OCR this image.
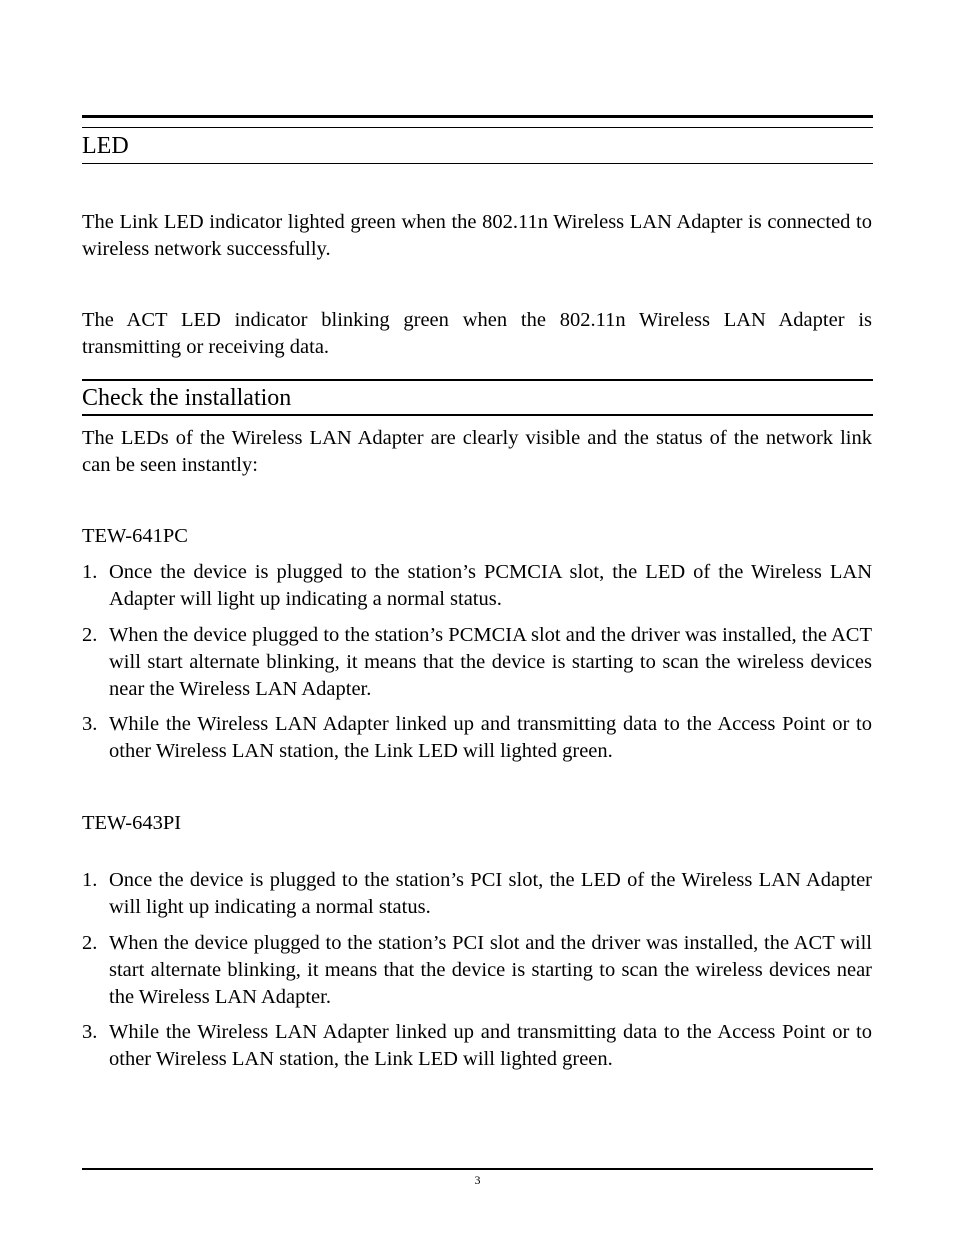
LED
The Link LED indicator lighted green when the 802.11n Wireless LAN Adapter is connected to wireless network successfully.
The ACT LED indicator blinking green when the 802.11n Wireless LAN Adapter is transmitting or receiving data.
Check the installation
The LEDs of the Wireless LAN Adapter are clearly visible and the status of the network link can be seen instantly:
TEW-641PC
1. Once the device is plugged to the station’s PCMCIA slot, the LED of the Wireless LAN Adapter will light up indicating a normal status.
2. When the device plugged to the station’s PCMCIA slot and the driver was installed, the ACT will start alternate blinking, it means that the device is starting to scan the wireless devices near the Wireless LAN Adapter.
3. While the Wireless LAN Adapter linked up and transmitting data to the Access Point or to other Wireless LAN station, the Link LED will lighted green.
TEW-643PI
1. Once the device is plugged to the station’s PCI slot, the LED of the Wireless LAN Adapter will light up indicating a normal status.
2. When the device plugged to the station’s PCI slot and the driver was installed, the ACT will start alternate blinking, it means that the device is starting to scan the wireless devices near the Wireless LAN Adapter.
3. While the Wireless LAN Adapter linked up and transmitting data to the Access Point or to other Wireless LAN station, the Link LED will lighted green.
3
